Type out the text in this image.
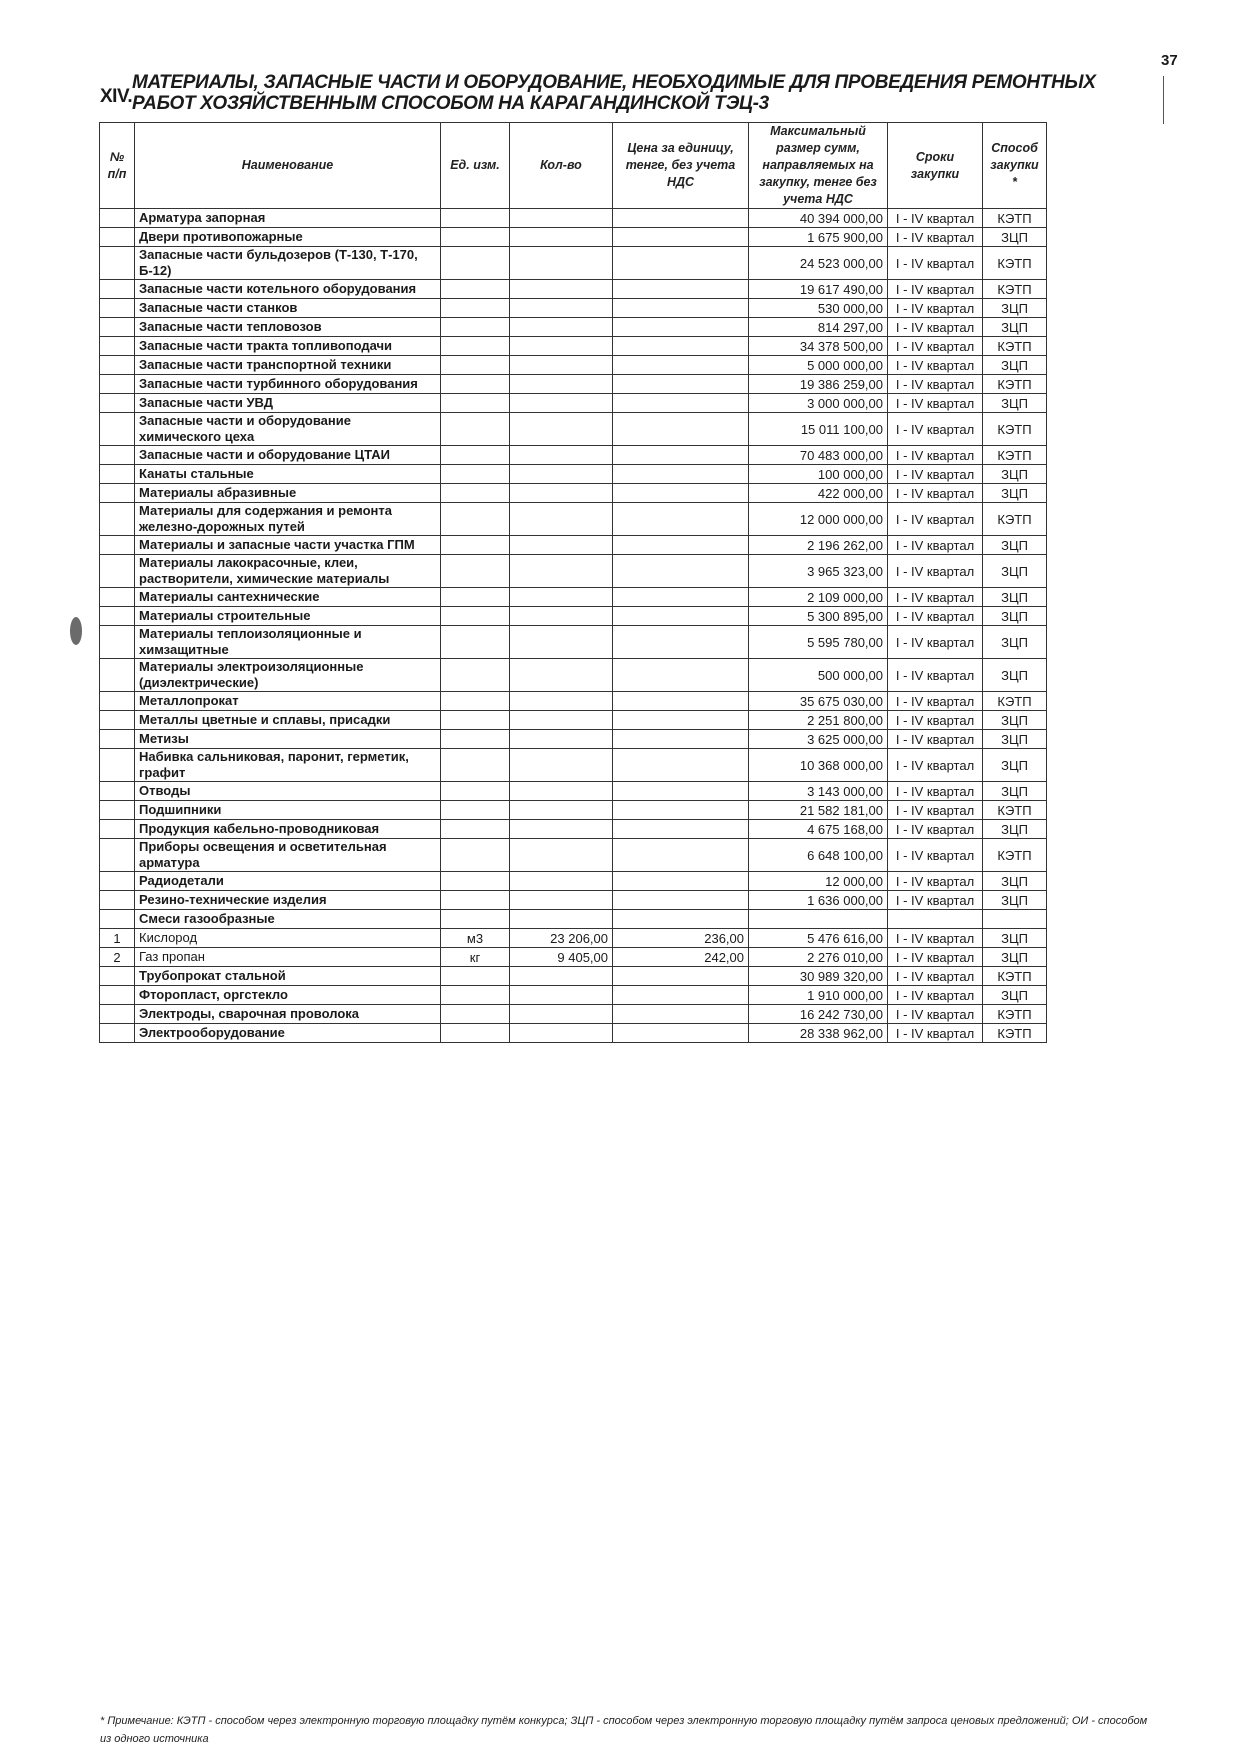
37
XIV.
МАТЕРИАЛЫ, ЗАПАСНЫЕ ЧАСТИ И ОБОРУДОВАНИЕ, НЕОБХОДИМЫЕ ДЛЯ ПРОВЕДЕНИЯ РЕМОНТНЫХ
РАБОТ ХОЗЯЙСТВЕННЫМ СПОСОБОМ НА КАРАГАНДИНСКОЙ ТЭЦ-3
№ п/п	Наименование	Ед. изм.	Кол-во	Цена за единицу, тенге, без учета НДС	Максимальный размер сумм, направляемых на закупку, тенге без учета НДС	Сроки закупки	Способ закупки *
	Арматура запорная				40 394 000,00	I - IV квартал	КЭТП
	Двери противопожарные				1 675 900,00	I - IV квартал	ЗЦП
	Запасные части бульдозеров (Т-130, Т-170, Б-12)				24 523 000,00	I - IV квартал	КЭТП
	Запасные части котельного оборудования				19 617 490,00	I - IV квартал	КЭТП
	Запасные части станков				530 000,00	I - IV квартал	ЗЦП
	Запасные части тепловозов				814 297,00	I - IV квартал	ЗЦП
	Запасные части тракта топливоподачи				34 378 500,00	I - IV квартал	КЭТП
	Запасные части транспортной техники				5 000 000,00	I - IV квартал	ЗЦП
	Запасные части турбинного оборудования				19 386 259,00	I - IV квартал	КЭТП
	Запасные части УВД				3 000 000,00	I - IV квартал	ЗЦП
	Запасные части и оборудование химического цеха				15 011 100,00	I - IV квартал	КЭТП
	Запасные части и оборудование ЦТАИ				70 483 000,00	I - IV квартал	КЭТП
	Канаты стальные				100 000,00	I - IV квартал	ЗЦП
	Материалы абразивные				422 000,00	I - IV квартал	ЗЦП
	Материалы для содержания и ремонта железно-дорожных путей				12 000 000,00	I - IV квартал	КЭТП
	Материалы и запасные части участка ГПМ				2 196 262,00	I - IV квартал	ЗЦП
	Материалы лакокрасочные, клеи, растворители, химические материалы				3 965 323,00	I - IV квартал	ЗЦП
	Материалы сантехнические				2 109 000,00	I - IV квартал	ЗЦП
	Материалы строительные				5 300 895,00	I - IV квартал	ЗЦП
	Материалы теплоизоляционные и химзащитные				5 595 780,00	I - IV квартал	ЗЦП
	Материалы электроизоляционные (диэлектрические)				500 000,00	I - IV квартал	ЗЦП
	Металлопрокат				35 675 030,00	I - IV квартал	КЭТП
	Металлы цветные и сплавы, присадки				2 251 800,00	I - IV квартал	ЗЦП
	Метизы				3 625 000,00	I - IV квартал	ЗЦП
	Набивка сальниковая, паронит, герметик, графит				10 368 000,00	I - IV квартал	ЗЦП
	Отводы				3 143 000,00	I - IV квартал	ЗЦП
	Подшипники				21 582 181,00	I - IV квартал	КЭТП
	Продукция кабельно-проводниковая				4 675 168,00	I - IV квартал	ЗЦП
	Приборы освещения и осветительная арматура				6 648 100,00	I - IV квартал	КЭТП
	Радиодетали				12 000,00	I - IV квартал	ЗЦП
	Резино-технические изделия				1 636 000,00	I - IV квартал	ЗЦП
	Смеси газообразные						
1	Кислород	м3	23 206,00	236,00	5 476 616,00	I - IV квартал	ЗЦП
2	Газ пропан	кг	9 405,00	242,00	2 276 010,00	I - IV квартал	ЗЦП
	Трубопрокат стальной				30 989 320,00	I - IV квартал	КЭТП
	Фторопласт, оргстекло				1 910 000,00	I - IV квартал	ЗЦП
	Электроды, сварочная проволока				16 242 730,00	I - IV квартал	КЭТП
	Электрооборудование				28 338 962,00	I - IV квартал	КЭТП
* Примечание: КЭТП - способом через электронную торговую площадку путём конкурса; ЗЦП - способом через электронную торговую площадку путём запроса ценовых предложений; ОИ - способом из одного источника
